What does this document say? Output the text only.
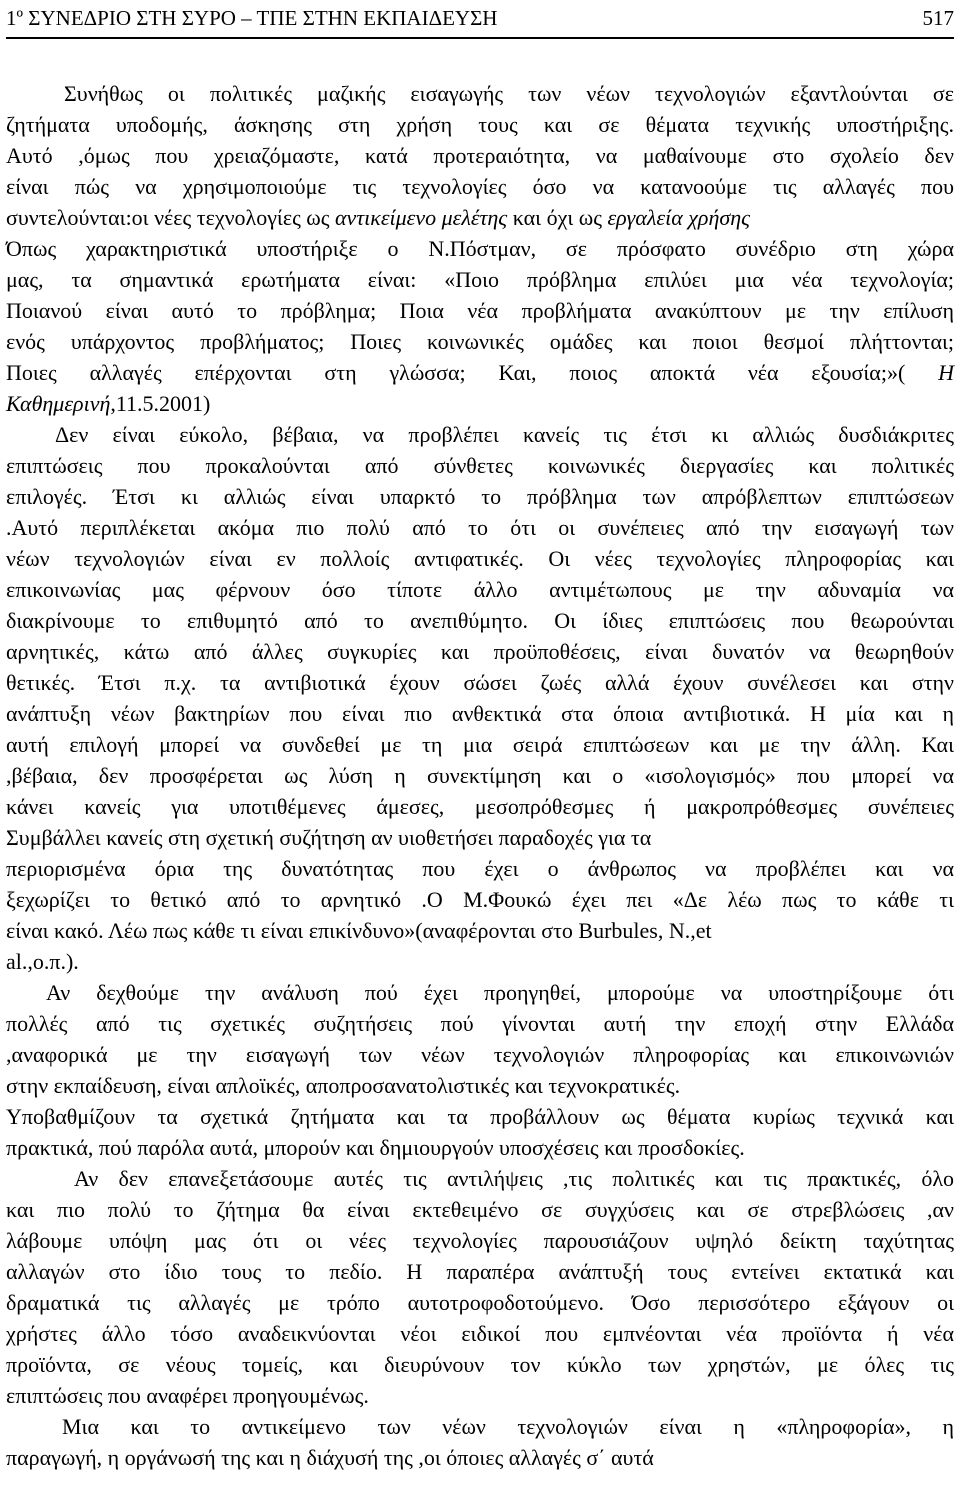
1º ΣΥΝΕΔΡΙΟ ΣΤΗ ΣΥΡΟ – ΤΠΕ ΣΤΗΝ ΕΚΠΑΙΔΕΥΣΗ	517
Συνήθως οι πολιτικές μαζικής εισαγωγής των νέων τεχνολογιών εξαντλούνται σε
ζητήματα υποδομής, άσκησης στη χρήση τους και σε θέματα τεχνικής υποστήριξης.
Αυτό ,όμως που χρειαζόμαστε, κατά προτεραιότητα, να μαθαίνουμε στο σχολείο δεν
είναι πώς να χρησιμοποιούμε τις τεχνολογίες όσο να κατανοούμε τις αλλαγές που
συντελούνται:οι νέες τεχνολογίες ως αντικείμενο μελέτης και όχι ως εργαλεία χρήσης
Όπως χαρακτηριστικά υποστήριξε ο Ν.Πόστμαν, σε πρόσφατο συνέδριο στη χώρα
μας, τα σημαντικά ερωτήματα είναι: «Ποιο πρόβλημα επιλύει μια νέα τεχνολογία;
Ποιανού είναι αυτό το πρόβλημα; Ποια νέα προβλήματα ανακύπτουν με την επίλυση
ενός υπάρχοντος προβλήματος; Ποιες κοινωνικές ομάδες και ποιοι θεσμοί πλήττονται;
Ποιες αλλαγές επέρχονται στη γλώσσα; Και, ποιος αποκτά νέα εξουσία;»( Η
Καθημερινή,11.5.2001)
Δεν είναι εύκολο, βέβαια, να προβλέπει κανείς τις έτσι κι αλλιώς δυσδιάκριτες
επιπτώσεις που προκαλούνται από σύνθετες κοινωνικές διεργασίες και πολιτικές
επιλογές. Έτσι κι αλλιώς είναι υπαρκτό το πρόβλημα των απρόβλεπτων επιπτώσεων
.Αυτό περιπλέκεται ακόμα πιο πολύ από το ότι οι συνέπειες από την εισαγωγή των
νέων τεχνολογιών είναι εν πολλοίς αντιφατικές. Οι νέες τεχνολογίες πληροφορίας και
επικοινωνίας μας φέρνουν όσο τίποτε άλλο αντιμέτωπους με την αδυναμία να
διακρίνουμε το επιθυμητό από το ανεπιθύμητο. Οι ίδιες επιπτώσεις που θεωρούνται
αρνητικές, κάτω από άλλες συγκυρίες και προϋποθέσεις, είναι δυνατόν να θεωρηθούν
θετικές. Έτσι π.χ. τα αντιβιοτικά έχουν σώσει ζωές αλλά έχουν συνέλεσει και στην
ανάπτυξη νέων βακτηρίων που είναι πιο ανθεκτικά στα όποια αντιβιοτικά. Η μία και η
αυτή επιλογή μπορεί να συνδεθεί με τη μια σειρά επιπτώσεων και με την άλλη. Και
,βέβαια, δεν προσφέρεται ως λύση η συνεκτίμηση και ο «ισολογισμός» που μπορεί να
κάνει κανείς για υποτιθέμενες άμεσες, μεσοπρόθεσμες ή μακροπρόθεσμες συνέπειες
Συμβάλλει κανείς στη σχετική συζήτηση αν υιοθετήσει παραδοχές για τα
περιορισμένα όρια της δυνατότητας που έχει ο άνθρωπος να προβλέπει και να
ξεχωρίζει το θετικό από το αρνητικό .Ο Μ.Φουκώ έχει πει «Δε λέω πως το κάθε τι
είναι κακό. Λέω πως κάθε τι είναι επικίνδυνο»(αναφέρονται στο Burbules, N.,et
al.,ο.π.).
Αν δεχθούμε την ανάλυση πού έχει προηγηθεί, μπορούμε να υποστηρίξουμε ότι
πολλές από τις σχετικές συζητήσεις πού γίνονται αυτή την εποχή στην Ελλάδα
,αναφορικά με την εισαγωγή των νέων τεχνολογιών πληροφορίας και επικοινωνιών
στην εκπαίδευση, είναι απλοϊκές, αποπροσανατολιστικές και τεχνοκρατικές.
Υποβαθμίζουν τα σχετικά ζητήματα και τα προβάλλουν ως θέματα κυρίως τεχνικά και
πρακτικά, πού παρόλα αυτά, μπορούν και δημιουργούν υποσχέσεις και προσδοκίες.
Αν δεν επανεξετάσουμε αυτές τις αντιλήψεις ,τις πολιτικές και τις πρακτικές, όλο
και πιο πολύ το ζήτημα θα είναι εκτεθειμένο σε συγχύσεις και σε στρεβλώσεις ,αν
λάβουμε υπόψη μας ότι οι νέες τεχνολογίες παρουσιάζουν υψηλό δείκτη ταχύτητας
αλλαγών στο ίδιο τους το πεδίο. Η παραπέρα ανάπτυξή τους εντείνει εκτατικά και
δραματικά τις αλλαγές με τρόπο αυτοτροφοδοτούμενο. Όσο περισσότερο εξάγουν οι
χρήστες άλλο τόσο αναδεικνύονται νέοι ειδικοί που εμπνέονται νέα προϊόντα ή νέα
προϊόντα, σε νέους τομείς, και διευρύνουν τον κύκλο των χρηστών, με όλες τις
επιπτώσεις που αναφέρει προηγουμένως.
Μια και το αντικείμενο των νέων τεχνολογιών είναι η «πληροφορία», η
παραγωγή, η οργάνωσή της και η διάχυσή της ,οι όποιες αλλαγές σ΄ αυτά
